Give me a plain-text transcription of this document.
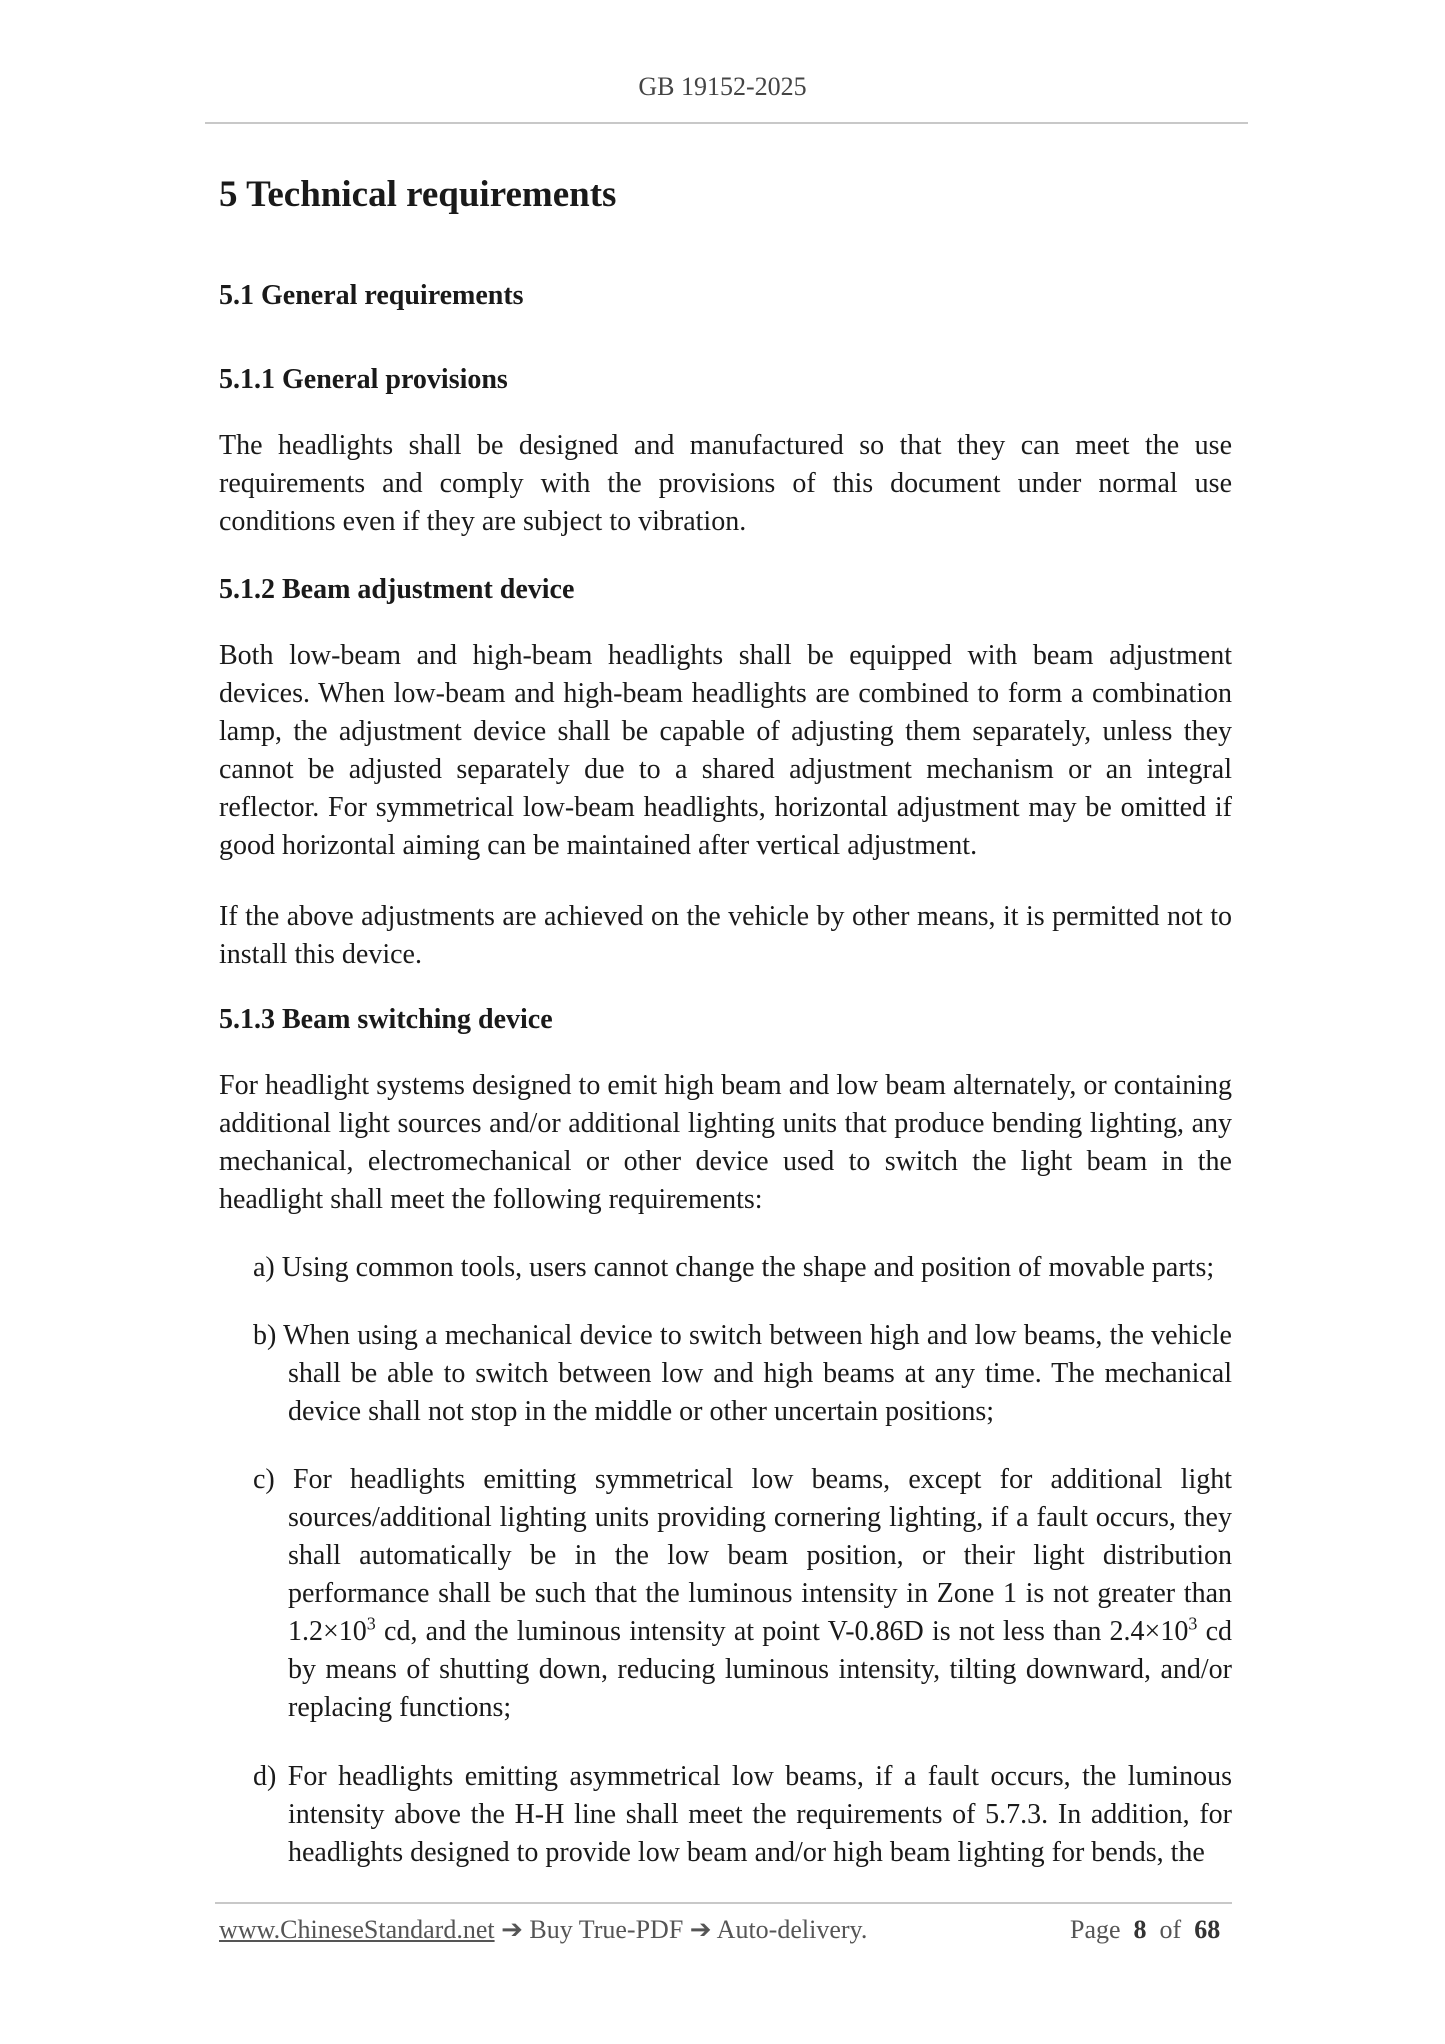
GB 19152-2025
5 Technical requirements
5.1 General requirements
5.1.1 General provisions

The headlights shall be designed and manufactured so that they can meet the use requirements and comply with the provisions of this document under normal use conditions even if they are subject to vibration.

5.1.2 Beam adjustment device

Both low-beam and high-beam headlights shall be equipped with beam adjustment devices. When low-beam and high-beam headlights are combined to form a combination lamp, the adjustment device shall be capable of adjusting them separately, unless they cannot be adjusted separately due to a shared adjustment mechanism or an integral reflector. For symmetrical low-beam headlights, horizontal adjustment may be omitted if good horizontal aiming can be maintained after vertical adjustment.

If the above adjustments are achieved on the vehicle by other means, it is permitted not to install this device.

5.1.3 Beam switching device

For headlight systems designed to emit high beam and low beam alternately, or containing additional light sources and/or additional lighting units that produce bending lighting, any mechanical, electromechanical or other device used to switch the light beam in the headlight shall meet the following requirements:

a) Using common tools, users cannot change the shape and position of movable parts;

b) When using a mechanical device to switch between high and low beams, the vehicle shall be able to switch between low and high beams at any time. The mechanical device shall not stop in the middle or other uncertain positions;

c) For headlights emitting symmetrical low beams, except for additional light sources/additional lighting units providing cornering lighting, if a fault occurs, they shall automatically be in the low beam position, or their light distribution performance shall be such that the luminous intensity in Zone 1 is not greater than $1.2\times 10^3$ cd, and the luminous intensity at point V-0.86D is not less than $2.4\times 10^3$ cd by means of shutting down, reducing luminous intensity, tilting downward, and/or replacing functions;

d) For headlights emitting asymmetrical low beams, if a fault occurs, the luminous intensity above the H-H line shall meet the requirements of 5.7.3. In addition, for headlights designed to provide low beam and/or high beam lighting for bends, the

www.ChineseStandard.net ➔ Buy True-PDF ➔ Auto-delivery.	Page 8 of 68
